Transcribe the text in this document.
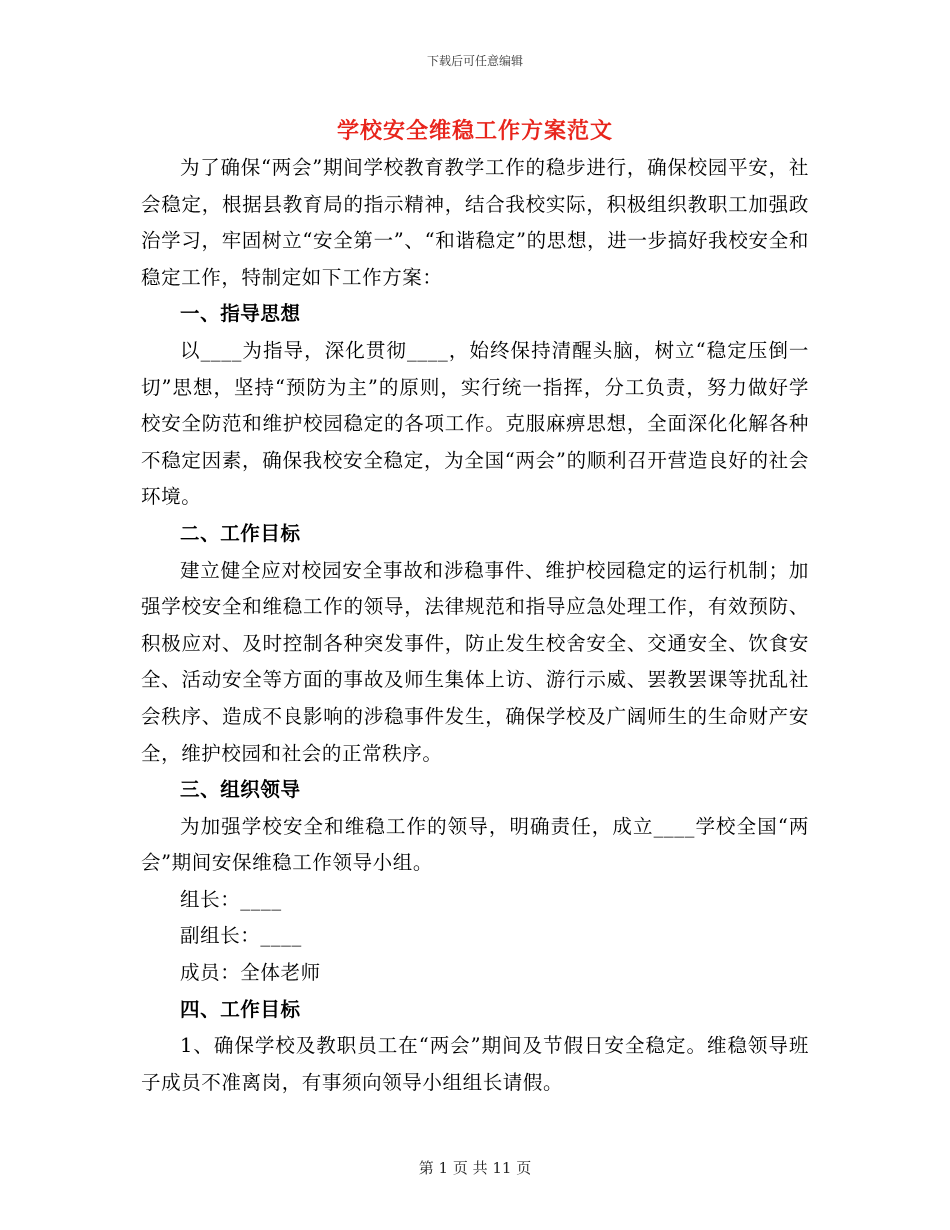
下载后可任意编辑
学校安全维稳工作方案范文

为了确保“两会”期间学校教育教学工作的稳步进行，确保校园平安，社会稳定，根据县教育局的指示精神，结合我校实际，积极组织教职工加强政治学习，牢固树立“安全第一”、“和谐稳定”的思想，进一步搞好我校安全和稳定工作，特制定如下工作方案：

一、指导思想

以____为指导，深化贯彻____，始终保持清醒头脑，树立“稳定压倒一切”思想，坚持“预防为主”的原则，实行统一指挥，分工负责，努力做好学校安全防范和维护校园稳定的各项工作。克服麻痹思想，全面深化化解各种不稳定因素，确保我校安全稳定，为全国“两会”的顺利召开营造良好的社会环境。

二、工作目标

建立健全应对校园安全事故和涉稳事件、维护校园稳定的运行机制；加强学校安全和维稳工作的领导，法律规范和指导应急处理工作，有效预防、积极应对、及时控制各种突发事件，防止发生校舍安全、交通安全、饮食安全、活动安全等方面的事故及师生集体上访、游行示威、罢教罢课等扰乱社会秩序、造成不良影响的涉稳事件发生，确保学校及广阔师生的生命财产安全，维护校园和社会的正常秩序。

三、组织领导

为加强学校安全和维稳工作的领导，明确责任，成立____学校全国“两会”期间安保维稳工作领导小组。

组长：____

副组长：____

成员：全体老师

四、工作目标

1、确保学校及教职员工在“两会”期间及节假日安全稳定。维稳领导班子成员不准离岗，有事须向领导小组组长请假。

第 1 页 共 11 页
